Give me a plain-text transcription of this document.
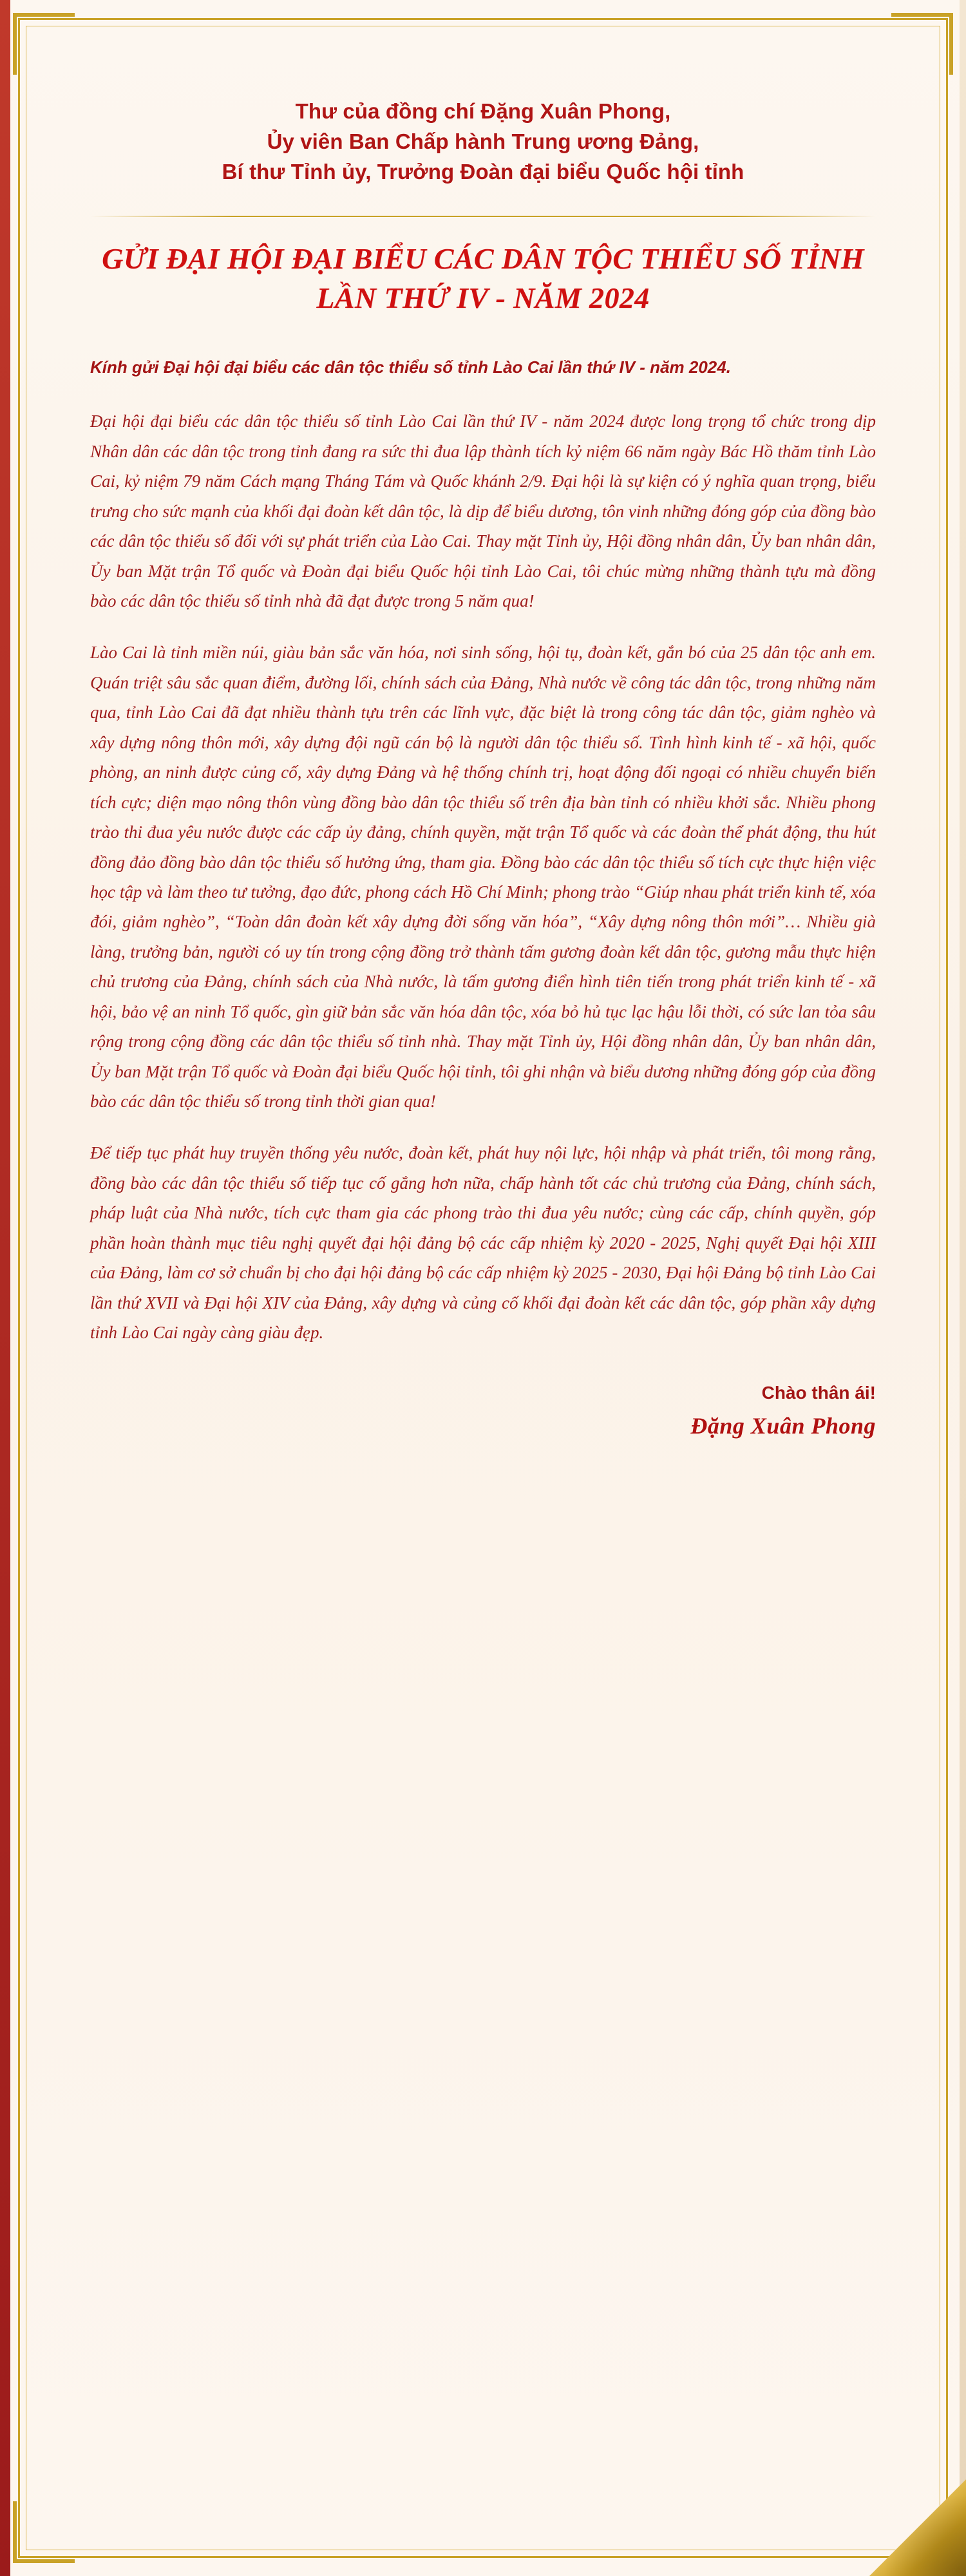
Thư của đồng chí Đặng Xuân Phong,
Ủy viên Ban Chấp hành Trung ương Đảng,
Bí thư Tỉnh ủy, Trưởng Đoàn đại biểu Quốc hội tỉnh
GỬI ĐẠI HỘI ĐẠI BIỂU CÁC DÂN TỘC THIỂU SỐ TỈNH
LẦN THỨ IV - NĂM 2024
Kính gửi Đại hội đại biểu các dân tộc thiểu số tỉnh Lào Cai lần thứ IV - năm 2024.

Đại hội đại biểu các dân tộc thiểu số tỉnh Lào Cai lần thứ IV - năm 2024 được long trọng tổ chức trong dịp Nhân dân các dân tộc trong tỉnh đang ra sức thi đua lập thành tích kỷ niệm 66 năm ngày Bác Hồ thăm tỉnh Lào Cai, kỷ niệm 79 năm Cách mạng Tháng Tám và Quốc khánh 2/9. Đại hội là sự kiện có ý nghĩa quan trọng, biểu trưng cho sức mạnh của khối đại đoàn kết dân tộc, là dịp để biểu dương, tôn vinh những đóng góp của đồng bào các dân tộc thiểu số đối với sự phát triển của Lào Cai. Thay mặt Tỉnh ủy, Hội đồng nhân dân, Ủy ban nhân dân, Ủy ban Mặt trận Tổ quốc và Đoàn đại biểu Quốc hội tỉnh Lào Cai, tôi chúc mừng những thành tựu mà đồng bào các dân tộc thiểu số tỉnh nhà đã đạt được trong 5 năm qua!

Lào Cai là tỉnh miền núi, giàu bản sắc văn hóa, nơi sinh sống, hội tụ, đoàn kết, gắn bó của 25 dân tộc anh em. Quán triệt sâu sắc quan điểm, đường lối, chính sách của Đảng, Nhà nước về công tác dân tộc, trong những năm qua, tỉnh Lào Cai đã đạt nhiều thành tựu trên các lĩnh vực, đặc biệt là trong công tác dân tộc, giảm nghèo và xây dựng nông thôn mới, xây dựng đội ngũ cán bộ là người dân tộc thiểu số. Tình hình kinh tế - xã hội, quốc phòng, an ninh được củng cố, xây dựng Đảng và hệ thống chính trị, hoạt động đối ngoại có nhiều chuyển biến tích cực; diện mạo nông thôn vùng đồng bào dân tộc thiểu số trên địa bàn tỉnh có nhiều khởi sắc. Nhiều phong trào thi đua yêu nước được các cấp ủy đảng, chính quyền, mặt trận Tổ quốc và các đoàn thể phát động, thu hút đồng đảo đồng bào dân tộc thiểu số hưởng ứng, tham gia. Đồng bào các dân tộc thiểu số tích cực thực hiện việc học tập và làm theo tư tưởng, đạo đức, phong cách Hồ Chí Minh; phong trào “Giúp nhau phát triển kinh tế, xóa đói, giảm nghèo”, “Toàn dân đoàn kết xây dựng đời sống văn hóa”, “Xây dựng nông thôn mới”… Nhiều già làng, trưởng bản, người có uy tín trong cộng đồng trở thành tấm gương đoàn kết dân tộc, gương mẫu thực hiện chủ trương của Đảng, chính sách của Nhà nước, là tấm gương điển hình tiên tiến trong phát triển kinh tế - xã hội, bảo vệ an ninh Tổ quốc, gìn giữ bản sắc văn hóa dân tộc, xóa bỏ hủ tục lạc hậu lỗi thời, có sức lan tỏa sâu rộng trong cộng đồng các dân tộc thiểu số tỉnh nhà. Thay mặt Tỉnh ủy, Hội đồng nhân dân, Ủy ban nhân dân, Ủy ban Mặt trận Tổ quốc và Đoàn đại biểu Quốc hội tỉnh, tôi ghi nhận và biểu dương những đóng góp của đồng bào các dân tộc thiểu số trong tỉnh thời gian qua!

Để tiếp tục phát huy truyền thống yêu nước, đoàn kết, phát huy nội lực, hội nhập và phát triển, tôi mong rằng, đồng bào các dân tộc thiểu số tiếp tục cố gắng hơn nữa, chấp hành tốt các chủ trương của Đảng, chính sách, pháp luật của Nhà nước, tích cực tham gia các phong trào thi đua yêu nước; cùng các cấp, chính quyền, góp phần hoàn thành mục tiêu nghị quyết đại hội đảng bộ các cấp nhiệm kỳ 2020 - 2025, Nghị quyết Đại hội XIII của Đảng, làm cơ sở chuẩn bị cho đại hội đảng bộ các cấp nhiệm kỳ 2025 - 2030, Đại hội Đảng bộ tỉnh Lào Cai lần thứ XVII và Đại hội XIV của Đảng, xây dựng và củng cố khối đại đoàn kết các dân tộc, góp phần xây dựng tỉnh Lào Cai ngày càng giàu đẹp.

Chào thân ái!
Đặng Xuân Phong
